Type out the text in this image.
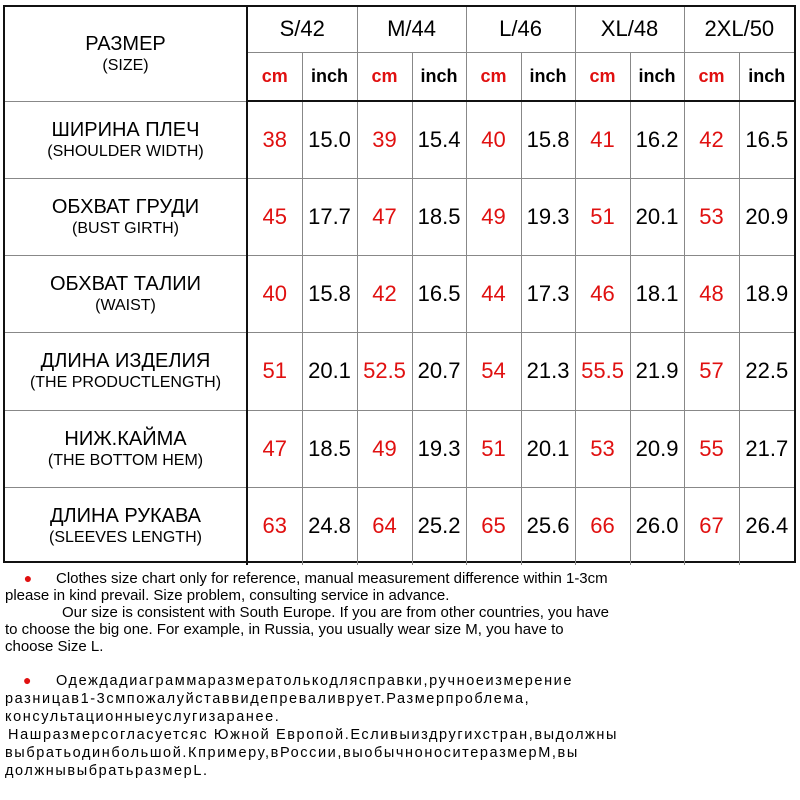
РАЗМЕР
(SIZE)	S/42		M/44		L/46		XL/48		2XL/50	
	cm	inch	cm	inch	cm	inch	cm	inch	cm	inch

ШИРИНА ПЛЕЧ
(SHOULDER WIDTH)	38	15.0	39	15.4	40	15.8	41	16.2	42	16.5

ОБХВАТ ГРУДИ
(BUST GIRTH)	45	17.7	47	18.5	49	19.3	51	20.1	53	20.9

ОБХВАТ ТАЛИИ
(WAIST)	40	15.8	42	16.5	44	17.3	46	18.1	48	18.9

ДЛИНА ИЗДЕЛИЯ
(THE PRODUCTLENGTH)	51	20.1	52.5	20.7	54	21.3	55.5	21.9	57	22.5

НИЖ.КАЙМА
(THE BOTTOM HEM)	47	18.5	49	19.3	51	20.1	53	20.9	55	21.7

ДЛИНА РУКАВА
(SLEEVES LENGTH)	63	24.8	64	25.2	65	25.6	66	26.0	67	26.4

● Clothes size chart only for reference, manual measurement difference within 1-3cm

please in kind prevail. Size problem, consulting service in advance.

Our size is consistent with South Europe. If you are from other countries, you have

to choose the big one. For example, in Russia, you usually wear size M, you have to

choose Size L.

● Одеждадиаграммаразмератолькодляcправки,ручноеизмерение

разницав1-3смпожалуйставвидепреваливрует.Размерпроблема,

консультационныеуслугизаранее.

Нашразмерсогласуетсяс Южной Европой.Есливыиздругихстран,выдолжны

выбратьодинбольшой.Кпримеру,вРоссии,выобычноноситеразмерМ,вы

должнывыбратьразмерL.
